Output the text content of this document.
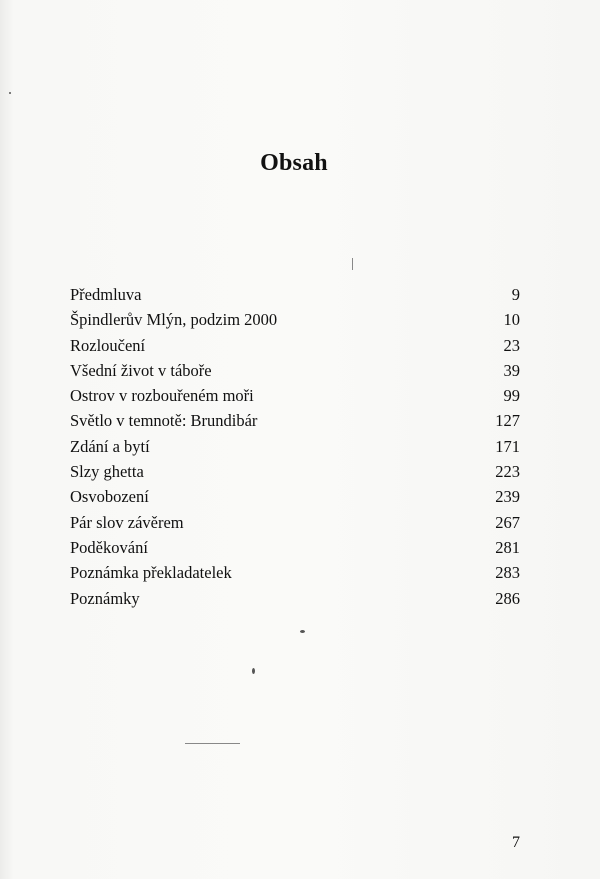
Obsah
Předmluva	9
Špindlerův Mlýn, podzim 2000	10
Rozloučení	23
Všední život v táboře	39
Ostrov v rozbouřeném moři	99
Světlo v temnotě: Brundibár	127
Zdání a bytí	171
Slzy ghetta	223
Osvobození	239
Pár slov závěrem	267
Poděkování	281
Poznámka překladatelek	283
Poznámky	286
7
